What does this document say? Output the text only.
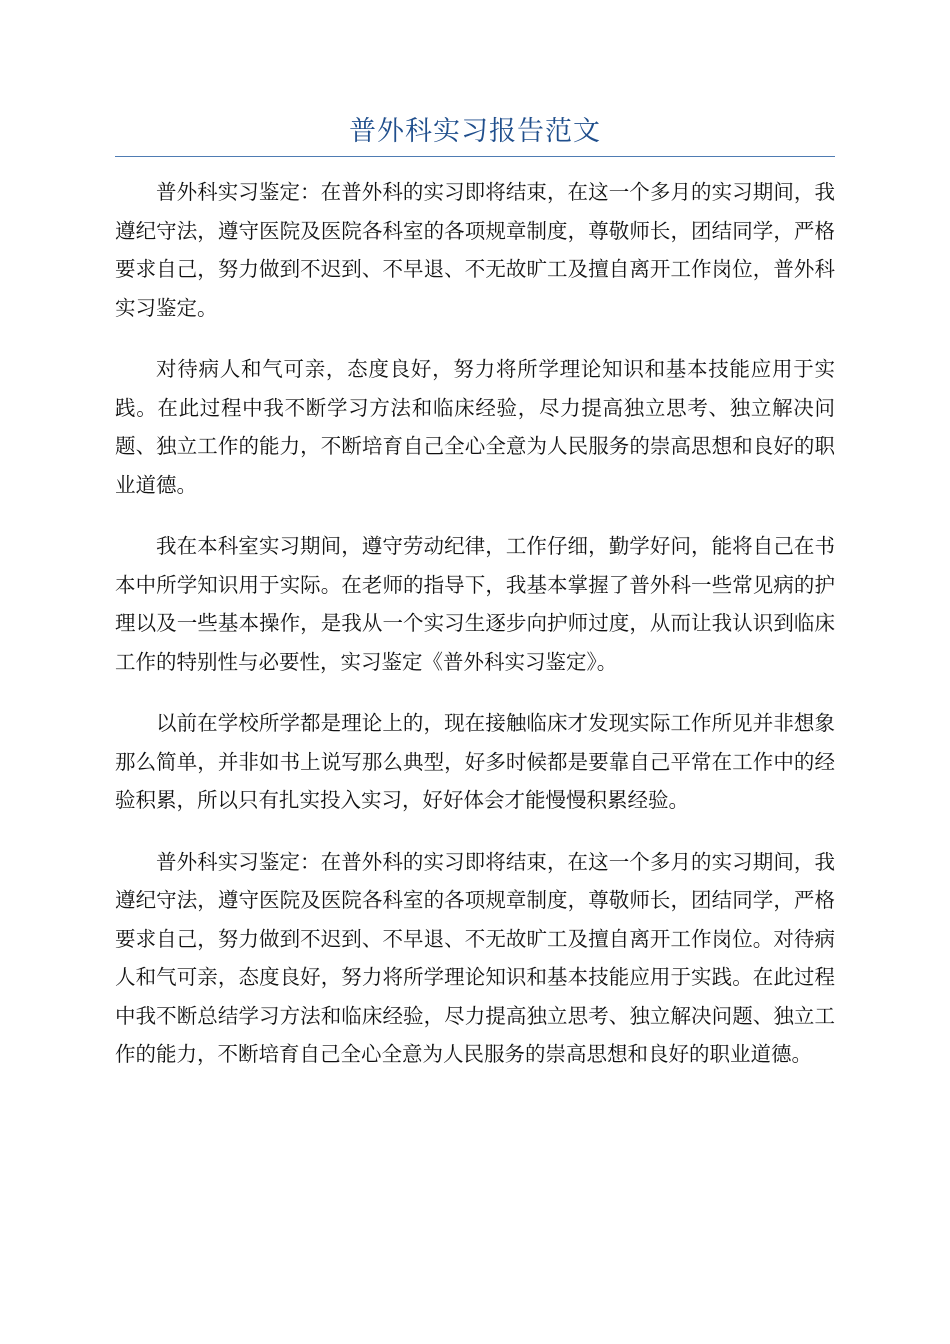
普外科实习报告范文

普外科实习鉴定：在普外科的实习即将结束，在这一个多月的实习期间，我遵纪守法，遵守医院及医院各科室的各项规章制度，尊敬师长，团结同学，严格要求自己，努力做到不迟到、不早退、不无故旷工及擅自离开工作岗位，普外科实习鉴定。

对待病人和气可亲，态度良好，努力将所学理论知识和基本技能应用于实践。在此过程中我不断学习方法和临床经验，尽力提高独立思考、独立解决问题、独立工作的能力，不断培育自己全心全意为人民服务的崇高思想和良好的职业道德。

我在本科室实习期间，遵守劳动纪律，工作仔细，勤学好问，能将自己在书本中所学知识用于实际。在老师的指导下，我基本掌握了普外科一些常见病的护理以及一些基本操作，是我从一个实习生逐步向护师过度，从而让我认识到临床工作的特别性与必要性，实习鉴定《普外科实习鉴定》。

以前在学校所学都是理论上的，现在接触临床才发现实际工作所见并非想象那么简单，并非如书上说写那么典型，好多时候都是要靠自己平常在工作中的经验积累，所以只有扎实投入实习，好好体会才能慢慢积累经验。

普外科实习鉴定：在普外科的实习即将结束，在这一个多月的实习期间，我遵纪守法，遵守医院及医院各科室的各项规章制度，尊敬师长，团结同学，严格要求自己，努力做到不迟到、不早退、不无故旷工及擅自离开工作岗位。对待病人和气可亲，态度良好，努力将所学理论知识和基本技能应用于实践。在此过程中我不断总结学习方法和临床经验，尽力提高独立思考、独立解决问题、独立工作的能力，不断培育自己全心全意为人民服务的崇高思想和良好的职业道德。
